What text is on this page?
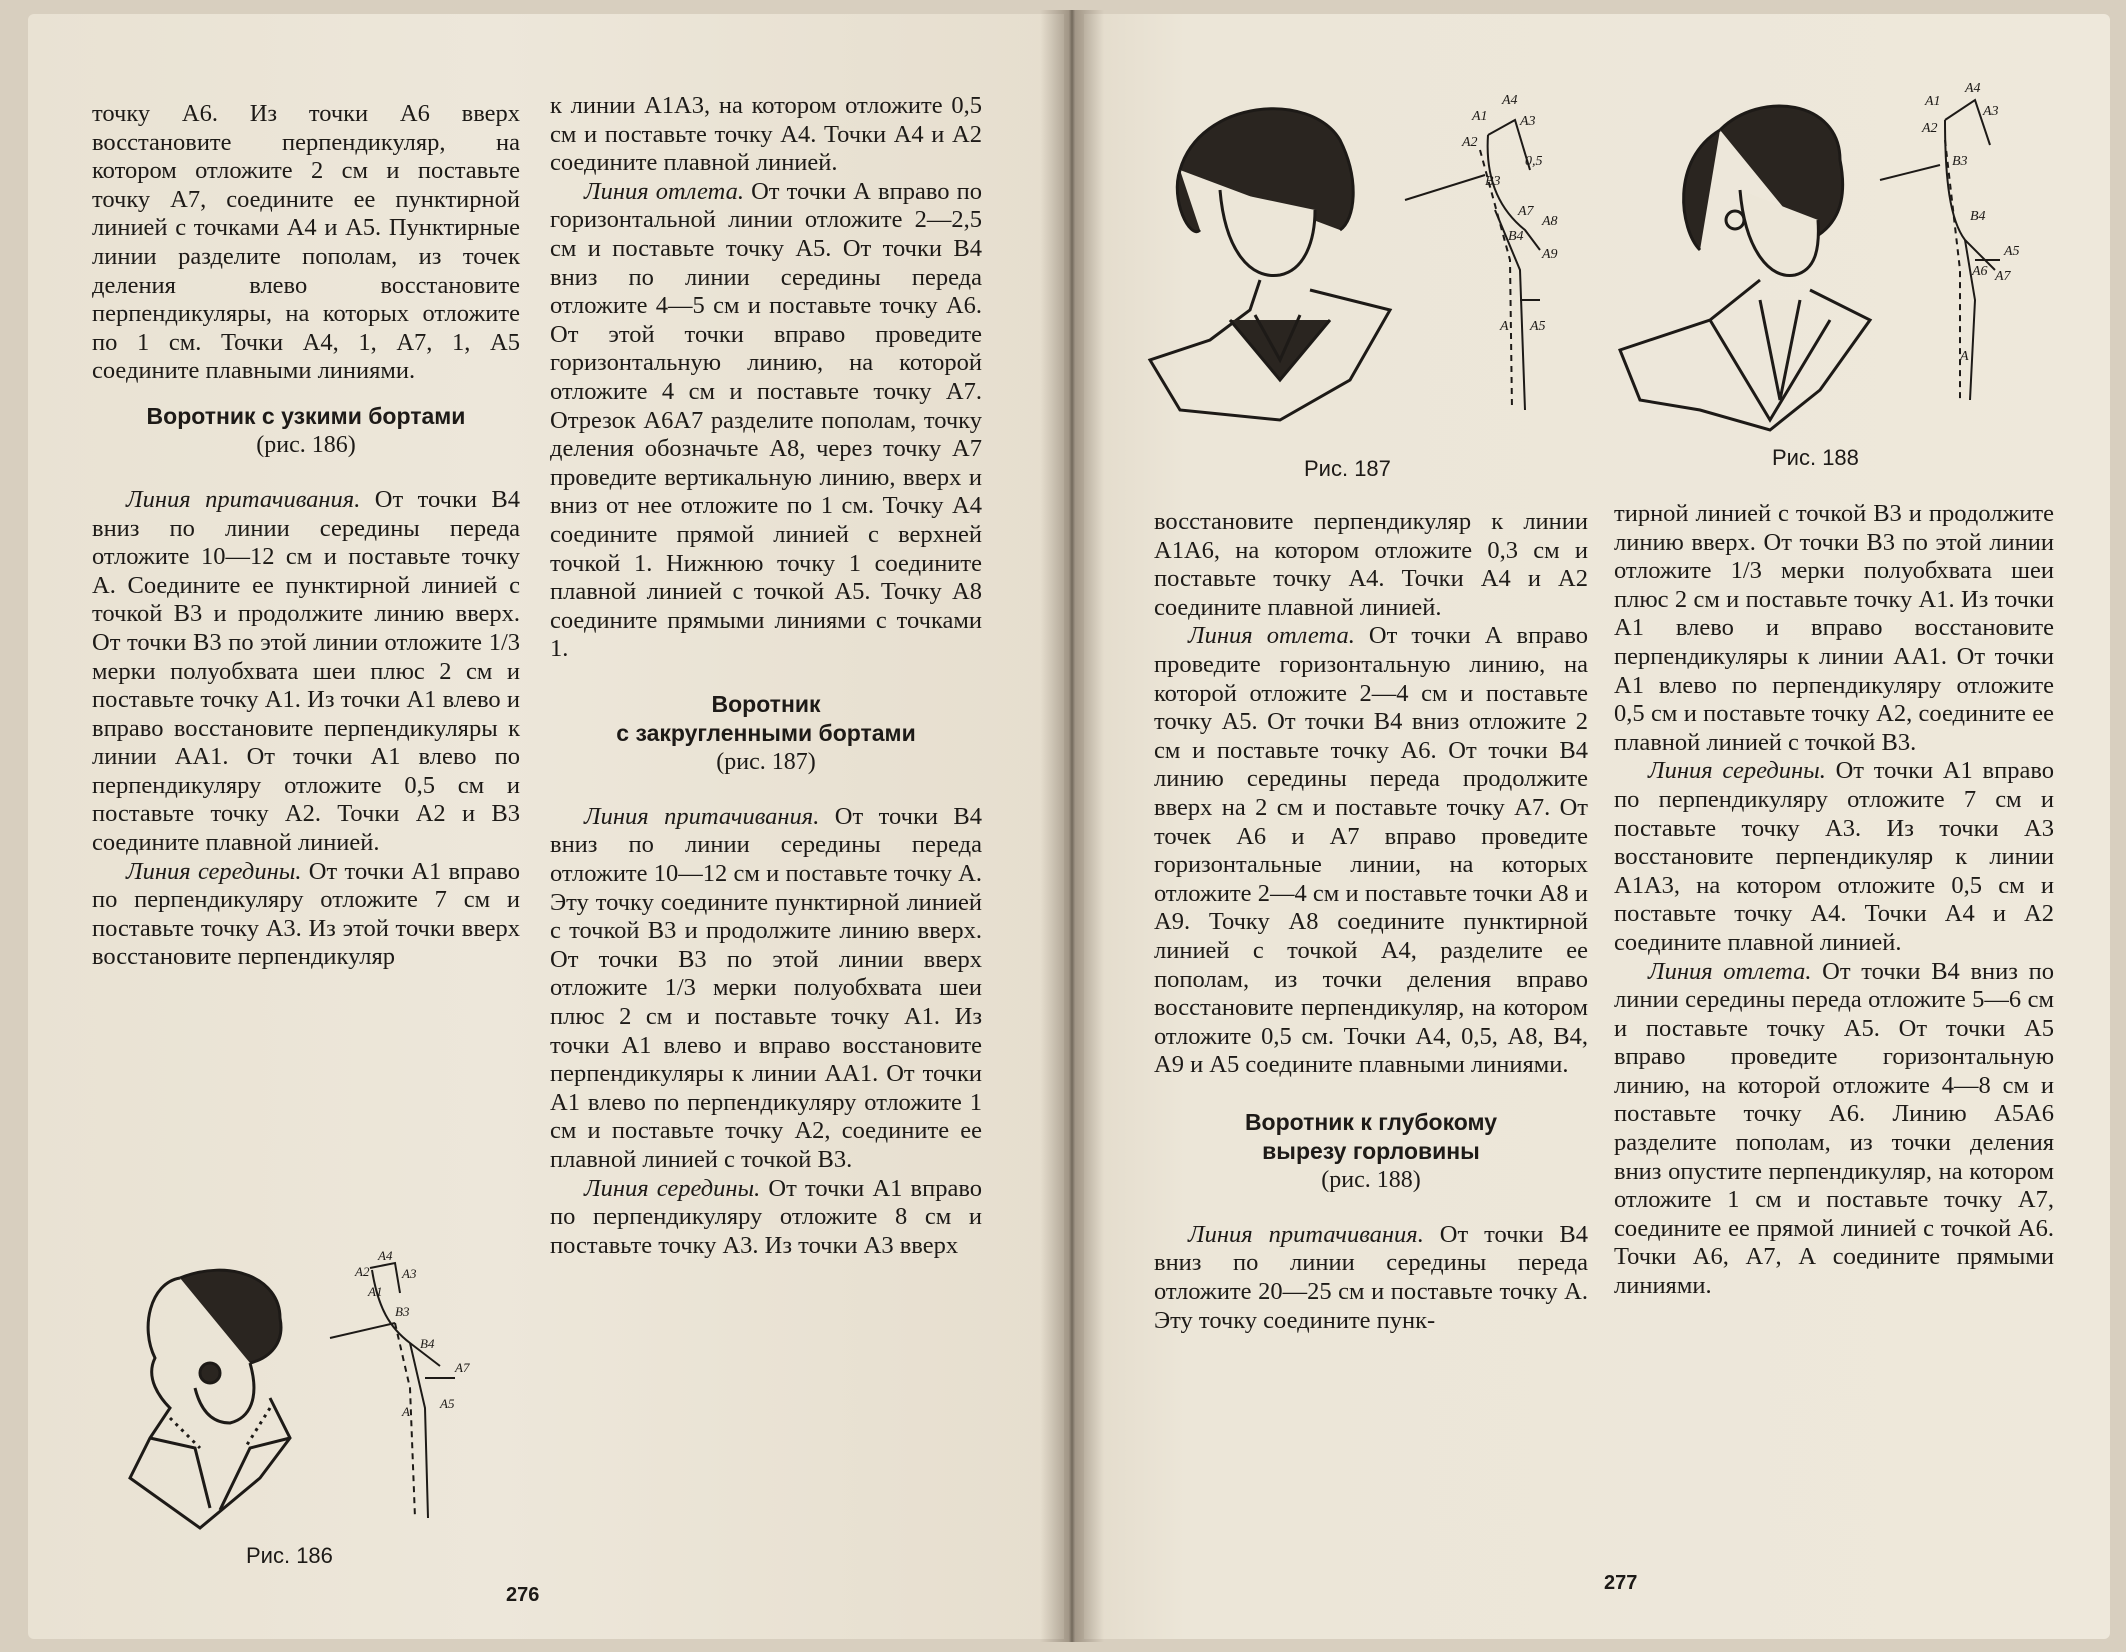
точку А6. Из точки А6 вверх восстановите перпендикуляр, на котором отложите 2 см и поставьте точку А7, соедините ее пунктирной линией с точками А4 и А5. Пунктирные линии разделите пополам, из точек деления влево восстановите перпендикуляры, на которых отложите по 1 см. Точки А4, 1, А7, 1, А5 соедините плавными линиями.

Воротник с узкими бортами
(рис. 186)

Линия притачивания. От точки В4 вниз по линии середины переда отложите 10—12 см и поставьте точку А. Соедините ее пунктирной линией с точкой В3 и продолжите линию вверх. От точки В3 по этой линии отложите 1/3 мерки полуобхвата шеи плюс 2 см и поставьте точку А1. Из точки А1 влево и вправо восстановите перпендикуляры к линии АА1. От точки А1 влево по перпендикуляру отложите 0,5 см и поставьте точку А2. Точки А2 и В3 соедините плавной линией.

Линия середины. От точки А1 вправо по перпендикуляру отложите 7 см и поставьте точку А3. Из этой точки вверх восстановите перпендикуляр

к линии А1А3, на котором отложите 0,5 см и поставьте точку А4. Точки А4 и А2 соедините плавной линией.

Линия отлета. От точки А вправо по горизонтальной линии отложите 2—2,5 см и поставьте точку А5. От точки В4 вниз по линии середины переда отложите 4—5 см и поставьте точку А6. От этой точки вправо проведите горизонтальную линию, на которой отложите 4 см и поставьте точку А7. Отрезок А6А7 разделите пополам, точку деления обозначьте А8, через точку А7 проведите вертикальную линию, вверх и вниз от нее отложите по 1 см. Точку А4 соедините прямой линией с верхней точкой 1. Нижнюю точку 1 соедините плавной линией с точкой А5. Точку А8 соедините прямыми линиями с точками 1.

Воротник
с закругленными бортами
(рис. 187)

Линия притачивания. От точки В4 вниз по линии середины переда отложите 10—12 см и поставьте точку А. Эту точку соедините пунктирной линией с точкой В3 и продолжите линию вверх. От точки В3 по этой линии вверх отложите 1/3 мерки полуобхвата шеи плюс 2 см и поставьте точку А1. Из точки А1 влево и вправо восстановите перпендикуляры к линии АА1. От точки А1 влево по перпендикуляру отложите 1 см и поставьте точку А2, соедините ее плавной линией с точкой В3.

Линия середины. От точки А1 вправо по перпендикуляру отложите 8 см и поставьте точку А3. Из точки А3 вверх

А4
А3
А2
А1
В3
В4
А7
А
А5
Рис. 186
276
А4
А3
А1
А2
В3
0,5
А7
А8
В4
А9
А А5
Рис. 187
А4
А1
А3
А2
В3
В4
А5
А6 А7
А
Рис. 188

восстановите перпендикуляр к линии А1А6, на котором отложите 0,3 см и поставьте точку А4. Точки А4 и А2 соедините плавной линией.

Линия отлета. От точки А вправо проведите горизонтальную линию, на которой отложите 2—4 см и поставьте точку А5. От точки В4 вниз отложите 2 см и поставьте точку А6. От точки В4 линию середины переда продолжите вверх на 2 см и поставьте точку А7. От точек А6 и А7 вправо проведите горизонтальные линии, на которых отложите 2—4 см и поставьте точки А8 и А9. Точку А8 соедините пунктирной линией с точкой А4, разделите ее пополам, из точки деления вправо восстановите перпендикуляр, на котором отложите 0,5 см. Точки А4, 0,5, А8, В4, А9 и А5 соедините плавными линиями.

Воротник к глубокому
вырезу горловины
(рис. 188)

Линия притачивания. От точки В4 вниз по линии середины переда отложите 20—25 см и поставьте точку А. Эту точку соедините пунк-

тирной линией с точкой В3 и продолжите линию вверх. От точки В3 по этой линии отложите 1/3 мерки полуобхвата шеи плюс 2 см и поставьте точку А1. Из точки А1 влево и вправо восстановите перпендикуляры к линии АА1. От точки А1 влево по перпендикуляру отложите 0,5 см и поставьте точку А2, соедините ее плавной линией с точкой В3.

Линия середины. От точки А1 вправо по перпендикуляру отложите 7 см и поставьте точку А3. Из точки А3 восстановите перпендикуляр к линии А1А3, на котором отложите 0,5 см и поставьте точку А4. Точки А4 и А2 соедините плавной линией.

Линия отлета. От точки В4 вниз по линии середины переда отложите 5—6 см и поставьте точку А5. От точки А5 вправо проведите горизонтальную линию, на которой отложите 4—8 см и поставьте точку А6. Линию А5А6 разделите пополам, из точки деления вниз опустите перпендикуляр, на котором отложите 1 см и поставьте точку А7, соедините ее прямой линией с точкой А6. Точки А6, А7, А соедините прямыми линиями.

277
